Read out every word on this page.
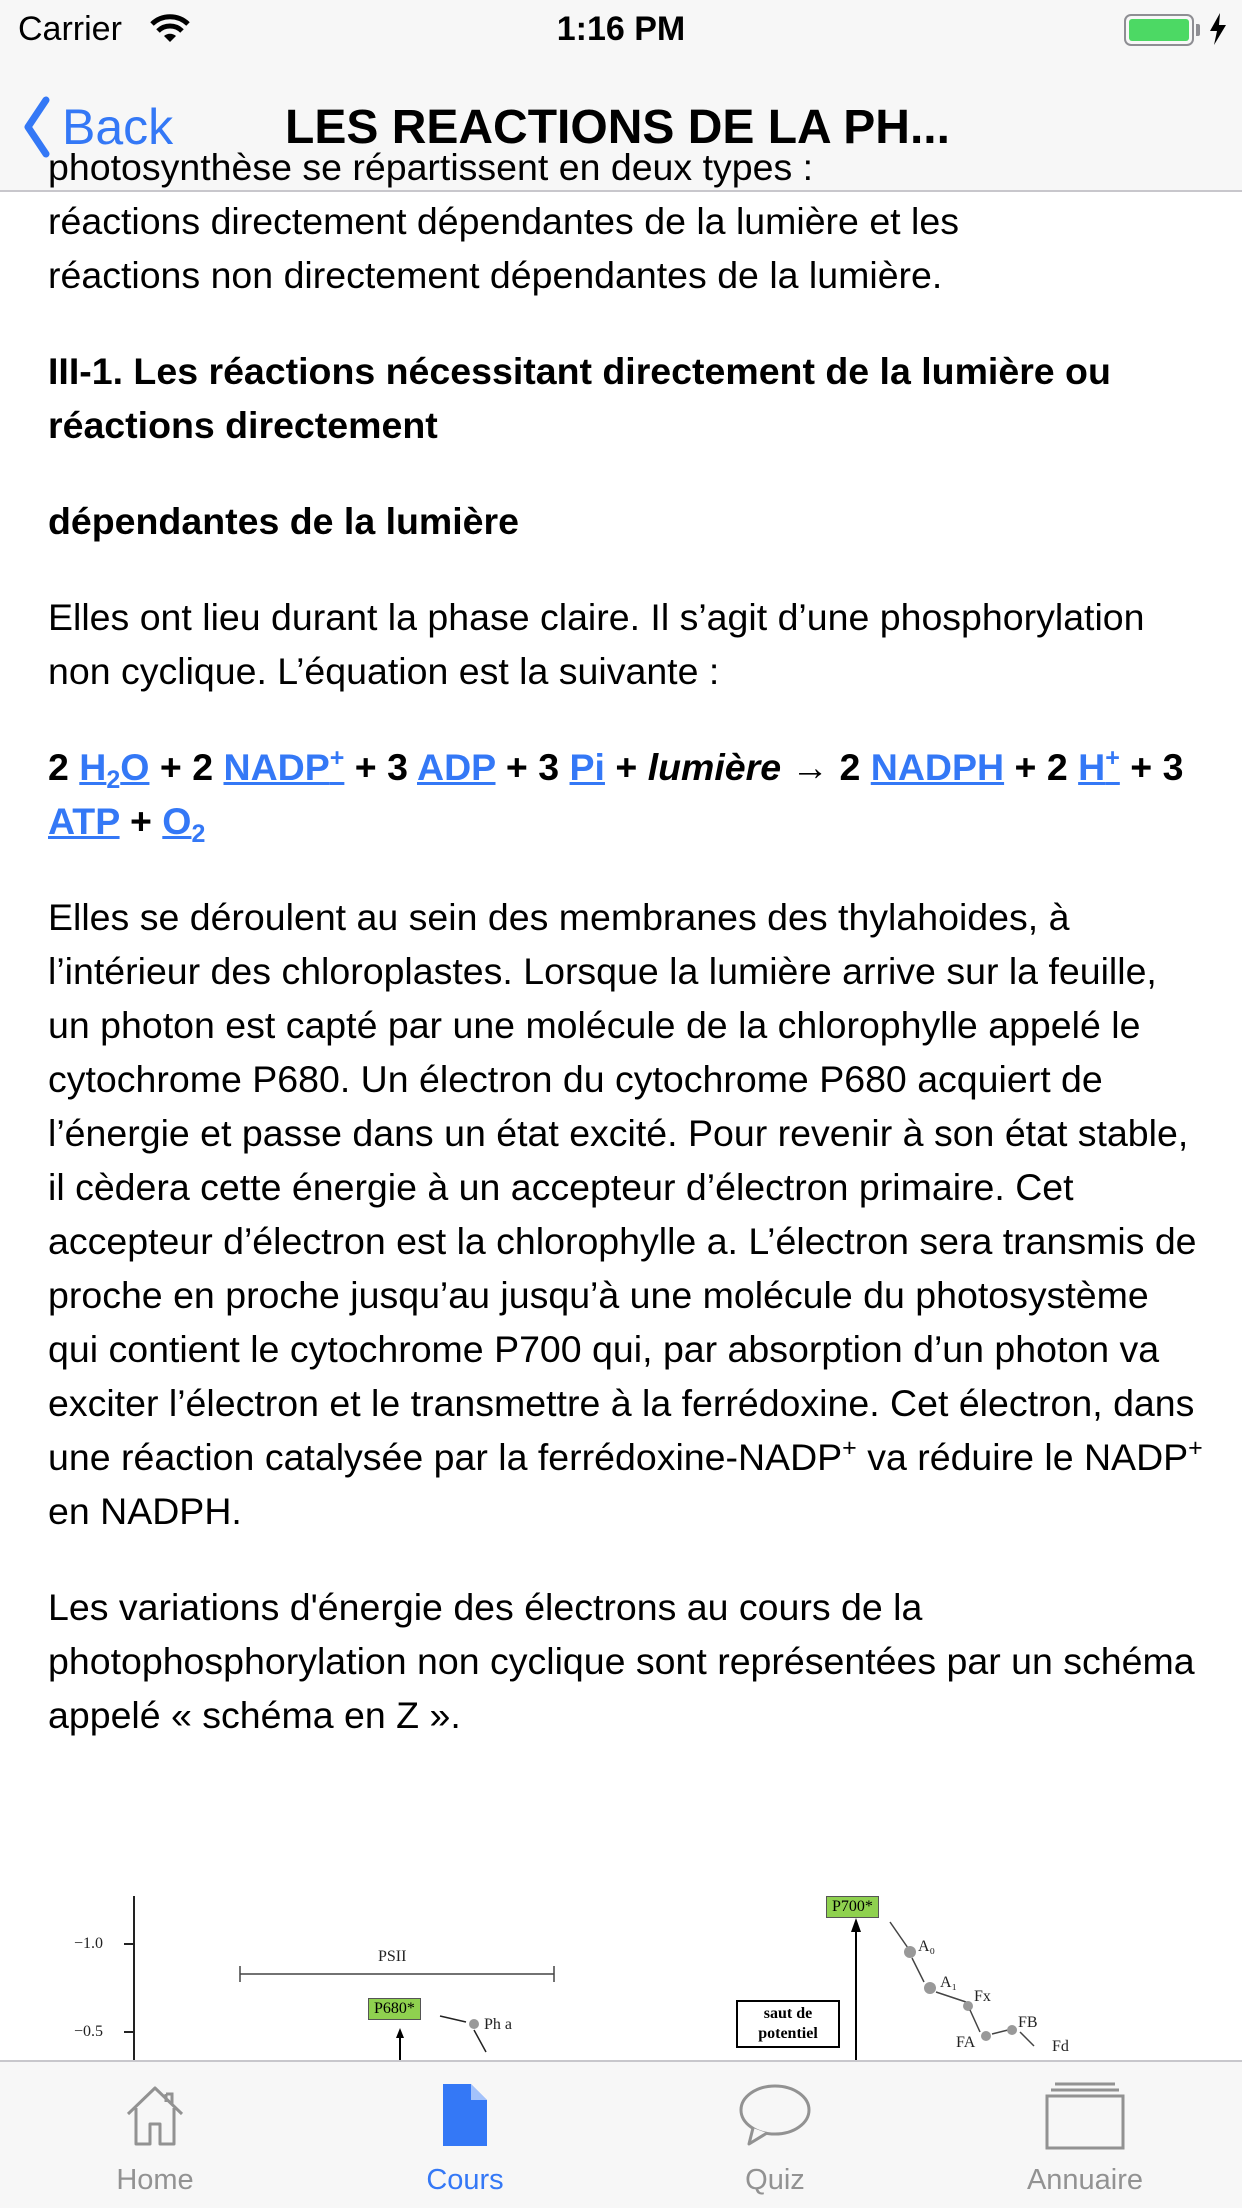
Carrier	1:16 PM
Back LES REACTIONS DE LA PH...

photosynthèse se répartissent en deux types :
réactions directement dépendantes de la lumière et les
réactions non directement dépendantes de la lumière.

III-1. Les réactions nécessitant directement de la lumière ou réactions directement

dépendantes de la lumière

Elles ont lieu durant la phase claire. Il s’agit d’une phosphorylation non cyclique. L’équation est la suivante :

2 $H_2O + 2$ NADP+ + 3 ADP + 3 Pi + lumière → 2 NADPH + 2 H+ + 3 ATP + $O_2$

Elles se déroulent au sein des membranes des thylahoides, à l’intérieur des chloroplastes. Lorsque la lumière arrive sur la feuille, un photon est capté par une molécule de la chlorophylle appelé le cytochrome P680. Un électron du cytochrome P680 acquiert de l’énergie et passe dans un état excité. Pour revenir à son état stable, il cèdera cette énergie à un accepteur d’électron primaire. Cet accepteur d’électron est la chlorophylle a. L’électron sera transmis de proche en proche jusqu’au jusqu’à une molécule du photosystème qui contient le cytochrome P700 qui, par absorption d’un photon va exciter l’électron et le transmettre à la ferrédoxine. Cet électron, dans une réaction catalysée par la ferrédoxine-NADP+ va réduire le NADP+ en NADPH.

Les variations d'énergie des électrons au cours de la photophosphorylation non cyclique sont représentées par un schéma appelé « schéma en Z ».

−1.0
−0.5
PSII
P680*
Ph a
saut de potentiel
P700*
A₀
A₁
Fx
FA
FB
Fd
Home	Cours	Quiz	Annuaire
